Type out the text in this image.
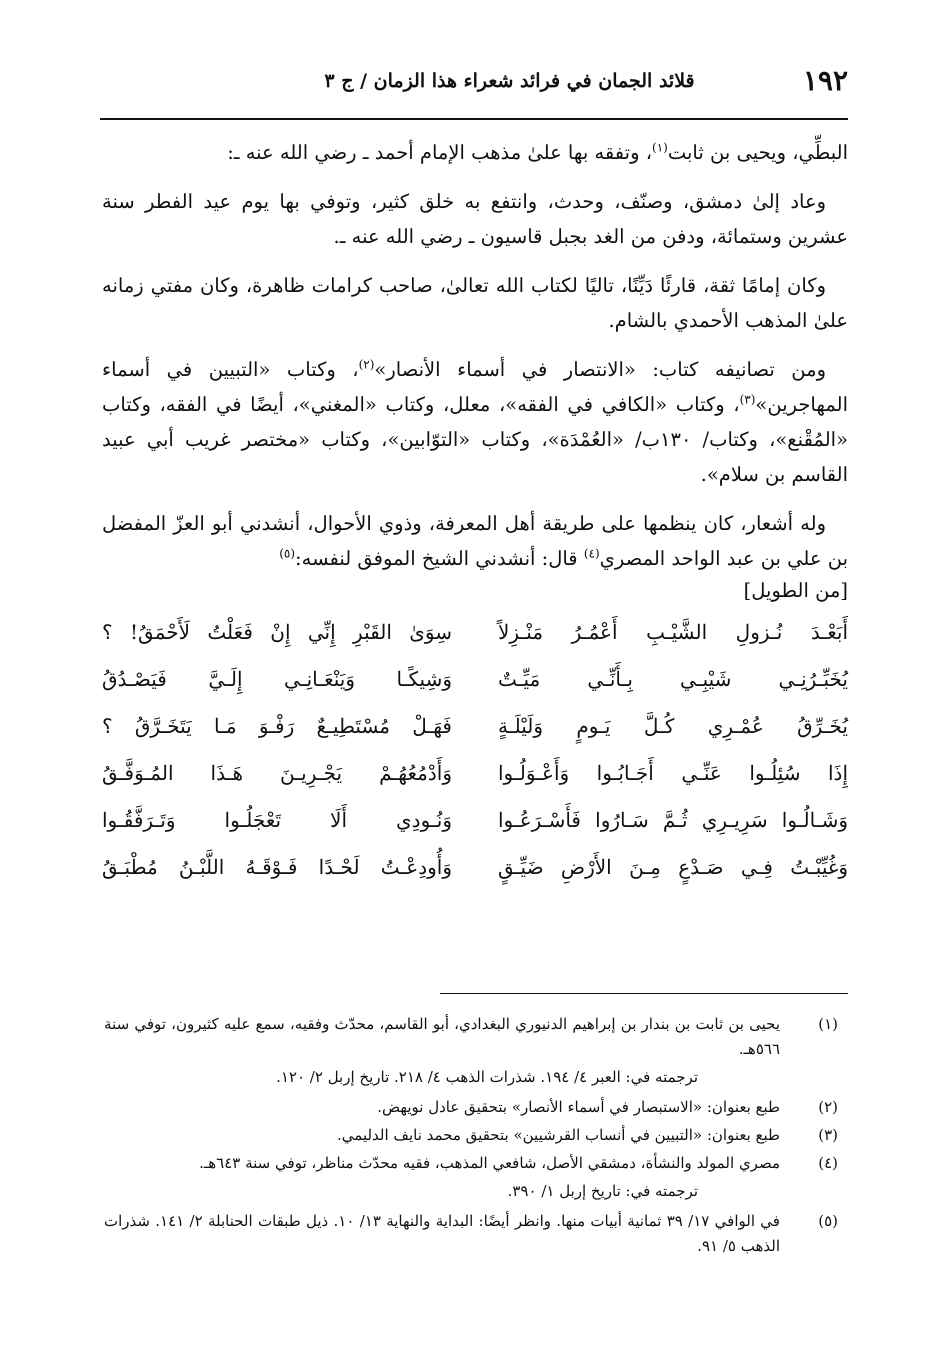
١٩٢
قلائد الجمان في فرائد شعراء هذا الزمان / ج ٣

البطِّي، ويحيى بن ثابت$^{(١)}$، وتفقه بها علىٰ مذهب الإمام أحمد ـ رضي الله عنه ـ:

وعاد إلىٰ دمشق، وصنّف، وحدث، وانتفع به خلق كثير، وتوفي بها يوم عيد الفطر سنة عشرين وستمائة، ودفن من الغد بجبل قاسيون ـ رضي الله عنه ـ.

وكان إمامًا ثقة، قارئًا دَيِّنًا، تاليًا لكتاب الله تعالىٰ، صاحب كرامات ظاهرة، وكان مفتي زمانه علىٰ المذهب الأحمدي بالشام.

ومن تصانيفه كتاب: «الانتصار في أسماء الأنصار»$^{(٢)}$، وكتاب «التبيين في أسماء المهاجرين»$^{(٣)}$، وكتاب «الكافي في الفقه»، معلل، وكتاب «المغني»، أيضًا في الفقه، وكتاب «المُقْنع»، وكتاب/ ١٣٠ب/ «العُمْدَة»، وكتاب «التوّابين»، وكتاب «مختصر غريب أبي عبيد القاسم بن سلام».

وله أشعار، كان ينظمها على طريقة أهل المعرفة، وذوي الأحوال، أنشدني أبو العزّ المفضل بن علي بن عبد الواحد المصري$^{(٤)}$ قال: أنشدني الشيخ الموفق لنفسه:$^{(٥)}$

[من الطويل]
أَبَعْـدَ نُـزولِ الشَّيْـبِ أَعْمُـرُ مَنْـزِلاً
سِوَىٰ القَبْرِ إِنِّي إِنْ فَعَلْتُ لَأَحْمَقُ! ؟
يُخَبِّـرُنِـي شَيْبِـي بِـأَنِّـي مَيِّـتٌ
وَشِيكًـا وَيَنْعَـانِـي إِلَـيَّ فَيَصْـدُقُ
يُخَـرِّقُ عُمْـرِي كُـلَّ يَـومٍ وَلَيْلَـةٍ
فَهَـلْ مُسْتَطِيـعٌ رَفْـوَ مَـا يَتَخَـرَّقُ ؟
إِذَا سُئِلُـوا عَنِّـي أَجَـابُـوا وَأَعْـوَلُـوا
وَأَدْمُعُهُـمْ يَجْـرِيـنَ هَـذَا المُـوَفَّـقُ
وَشَـالُـوا سَرِيـرِي ثُـمَّ سَـارُوا فَأَسْـرَعُـوا
وَنُـودِي أَلَا تَعْجَلُـوا وَتَـرَفَّقُـوا
وَغُيِّبْـتُ فِـي صَـدْعٍ مِـنَ الأَرْضِ ضَيِّـقٍ
وَأُودِعْـتُ لَحْـدًا فَـوْقَـهُ اللَّبْـنُ مُطْبَـقُ
(١)
يحيى بن ثابت بن بندار بن إبراهيم الدنيوري البغدادي، أبو القاسم، محدّث وفقيه، سمع عليه كثيرون، توفي سنة ٥٦٦هـ.
ترجمته في: العبر ٤/ ١٩٤. شذرات الذهب ٤/ ٢١٨. تاريخ إربل ٢/ ١٢٠.
(٢)
طبع بعنوان: «الاستبصار في أسماء الأنصار» بتحقيق عادل نويهض.
(٣)
طبع بعنوان: «التبيين في أنساب القرشيين» بتحقيق محمد نايف الدليمي.
(٤)
مصري المولد والنشأة، دمشقي الأصل، شافعي المذهب، فقيه محدّث مناظر، توفي سنة ٦٤٣هـ.
ترجمته في: تاريخ إربل ١/ ٣٩٠.
(٥)
في الوافي ١٧/ ٣٩ ثمانية أبيات منها. وانظر أيضًا: البداية والنهاية ١٣/ ١٠. ذيل طبقات الحنابلة ٢/ ١٤١. شذرات الذهب ٥/ ٩١.
